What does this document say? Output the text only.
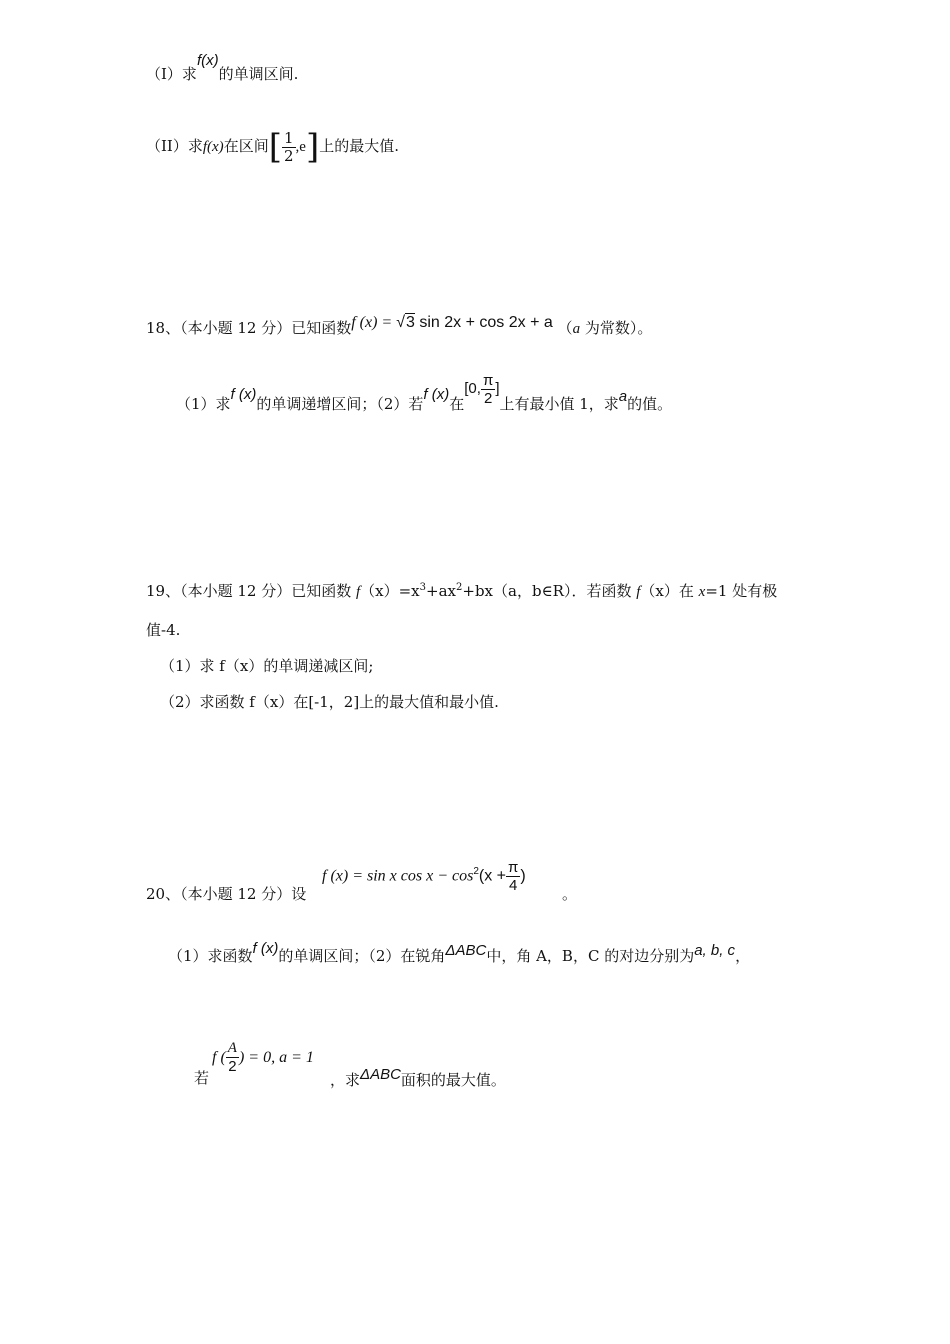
（I）求f(x)的单调区间.
（II）求f(x)在区间[ $\frac{1}{2} ,e$]上的最大值.
18、（本小题 12 分）已知函数f (x) = √3 sin 2x + cos 2x + a （a 为常数）。
（1）求f (x)的单调递增区间；（2）若f (x)在[0, $\frac{\pi}{2}$ ]上有最小值 1，求a的值。
19、（本小题 12 分）已知函数 $f(x)=x^3+ax^2+bx(a$，b∈R）．若函数 f（x）在 x=1 处有极
值-4.
（1）求 f（x）的单调递减区间;
（2）求函数 f（x）在[-1，2]上的最大值和最小值.
20、（本小题 12 分）设
f (x) = sin x $\cos x - \cos^2(x + \frac{\pi}{4}$ )
。
（1）求函数f (x)的单调区间；（2）在锐角ΔABC中，角 A，B，C 的对边分别为a, b, c，
若
f ( $\frac{A}{2}$ ) = 0, a = 1
，求ΔABC面积的最大值。
